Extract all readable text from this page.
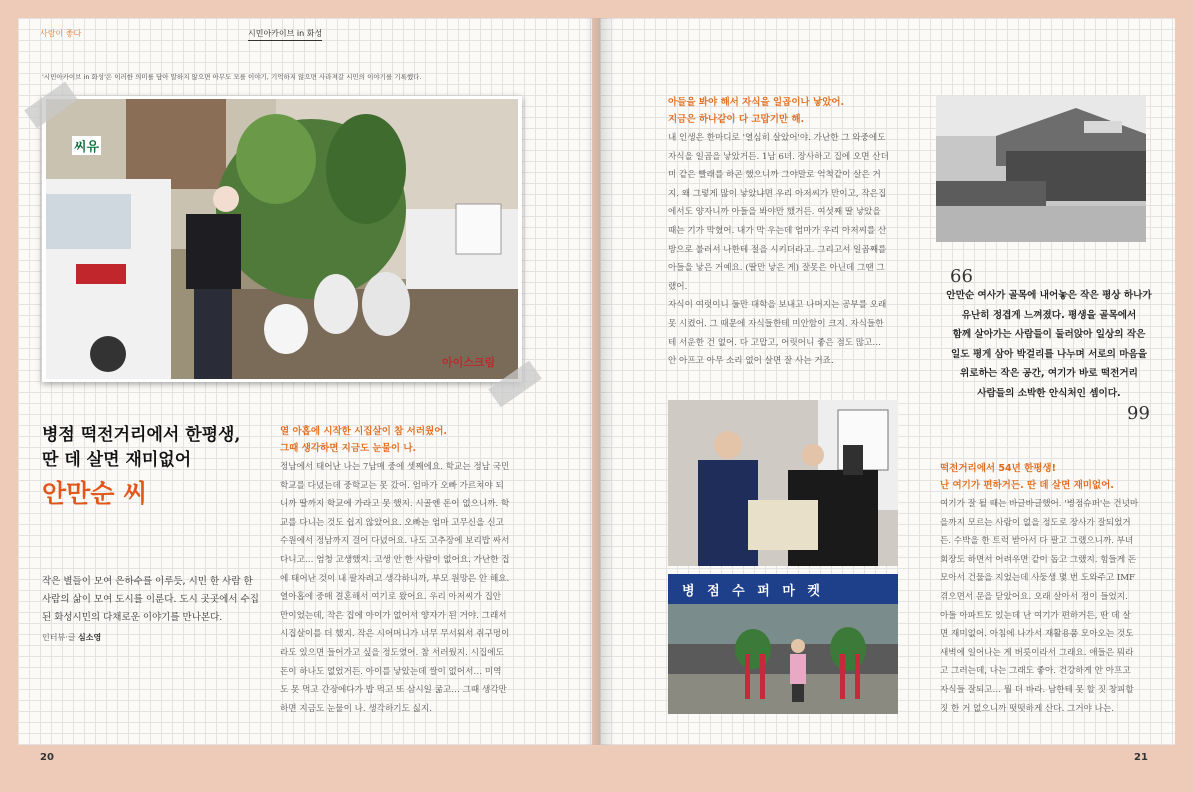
사람이 좋다	시민아카이브 in 화성
'시민아카이브 in 화성'은 이러한 의미를 담아 말하지 않으면 아무도 모를 이야기, 기억하지 않으면 사라져갈 시민의 이야기를 기록했다.
씨유
아이스크림
병점 떡전거리에서 한평생,
딴 데 살면 재미없어
안만순 씨
작은 별들이 모여 은하수를 이루듯, 시민 한 사람 한
사람의 삶이 모여 도시를 이룬다. 도시 곳곳에서 수집
된 화성시민의 다채로운 이야기를 만나본다.
인터뷰·글 심소영
열 아홉에 시작한 시집살이 참 서러웠어.
그때 생각하면 지금도 눈물이 나.
정남에서 태어난 나는 7남매 중에 셋째에요. 학교는 정남 국민
학교를 다녔는데 중학교는 못 갔어. 엄마가 오빠 가르쳐야 되
니까 딸까지 학교에 가라고 못 했지. 시골엔 돈이 없으니까. 학
교를 다니는 것도 쉽지 않았어요. 오빠는 엄마 고무신을 신고
수원에서 정남까지 걸어 다녔어요. 나도 고추장에 보리밥 싸서
다니고… 엄청 고생했지. 고생 안 한 사람이 없어요. 가난한 집
에 태어난 것이 내 팔자려고 생각하니까, 부모 원망은 안 해요.
열아홉에 중매 결혼해서 여기로 왔어요. 우리 아저씨가 집안
만이었는데, 작은 집에 아이가 없어서 양자가 된 거야. 그래서
시집살이를 더 했지. 작은 시어머니가 너무 무서워서 쥐구멍이
라도 있으면 들어가고 싶을 정도였어. 참 서러웠지. 시집에도
돈이 하나도 없었거든. 아이를 낳았는데 쌀이 없어서… 미역
도 못 먹고 간장에다가 밥 먹고 또 삼시일 굶고… 그때 생각만
하면 지금도 눈물이 나. 생각하기도 싫지.
20
아들을 봐야 해서 자식을 일곱이나 낳았어.
지금은 하나같이 다 고맙기만 해.
내 인생은 한마디로 '열심히 살았어'야. 가난한 그 와중에도
자식을 일곱을 낳았거든. 1남 6녀. 장사하고 집에 오면 산더
미 같은 빨래를 하곤 했으니까 그야말로 억척같이 살은 거
지. 왜 그렇게 많이 낳았냐면 우리 아저씨가 만이고, 작은집
에서도 양자니까 아들을 봐야만 했거든. 여섯째 딸 낳았을
때는 기가 막혔어. 내가 막 우는데 엄마가 우리 아저씨를 산
방으로 불러서 나한테 절을 시키더라고. 그리고서 일곱째를
아들을 낳은 거예요. (딸만 낳은 게) 잘못은 아닌데 그땐 그
랬어.
자식이 여럿이니 둘만 대학을 보내고 나머지는 공부를 오래
못 시켰어. 그 때문에 자식들한테 미안함이 크지. 자식들한
테 서운한 건 없어. 다 고맙고, 어릿어니 좋은 점도 많고…
안 아프고 아무 소리 없이 살면 잘 사는 거죠.
66
안만순 여사가 골목에 내어놓은 작은 평상 하나가
유난히 정겹게 느껴졌다. 평생을 골목에서
함께 살아가는 사람들이 둘러앉아 일상의 작은
일도 평게 삼아 박걸리를 나누며 서로의 마음을
위로하는 작은 공간, 여기가 바로 떡전거리
사람들의 소박한 안식처인 셈이다.
99
병 점 수 퍼 마 켓
떡전거리에서 54년 한평생!
난 여기가 편하거든. 딴 데 살면 재미없어.
여기가 잘 될 때는 바글바글했어. '병점슈퍼'는 건넛마
을까지 모르는 사람이 없을 정도로 장사가 잘되었거
든. 수박을 한 트럭 받아서 다 팔고 그랬으니까. 부녀
회장도 하면서 어려우면 같이 돕고 그랬지. 힘들게 돈
모아서 건물을 지었는데 사둥생 몇 번 도와주고 IMF
겪으면서 문을 닫았어요. 오래 살아서 정이 들었지.
아들 아파트도 있는데 난 여기가 편하거든, 딴 데 살
면 재미없어. 아침에 나가서 재활용품 모아오는 것도
새벽에 일어나는 게 버릇이라서 그래요. 애들은 뭐라
고 그러는데, 나는 그래도 좋아. 건강하게 안 아프고
자식들 잘되고… 뭘 더 바라. 남한테 못 할 짓 창피할
짓 한 거 없으니까 떳떳하게 산다. 그거야 나는.
21
